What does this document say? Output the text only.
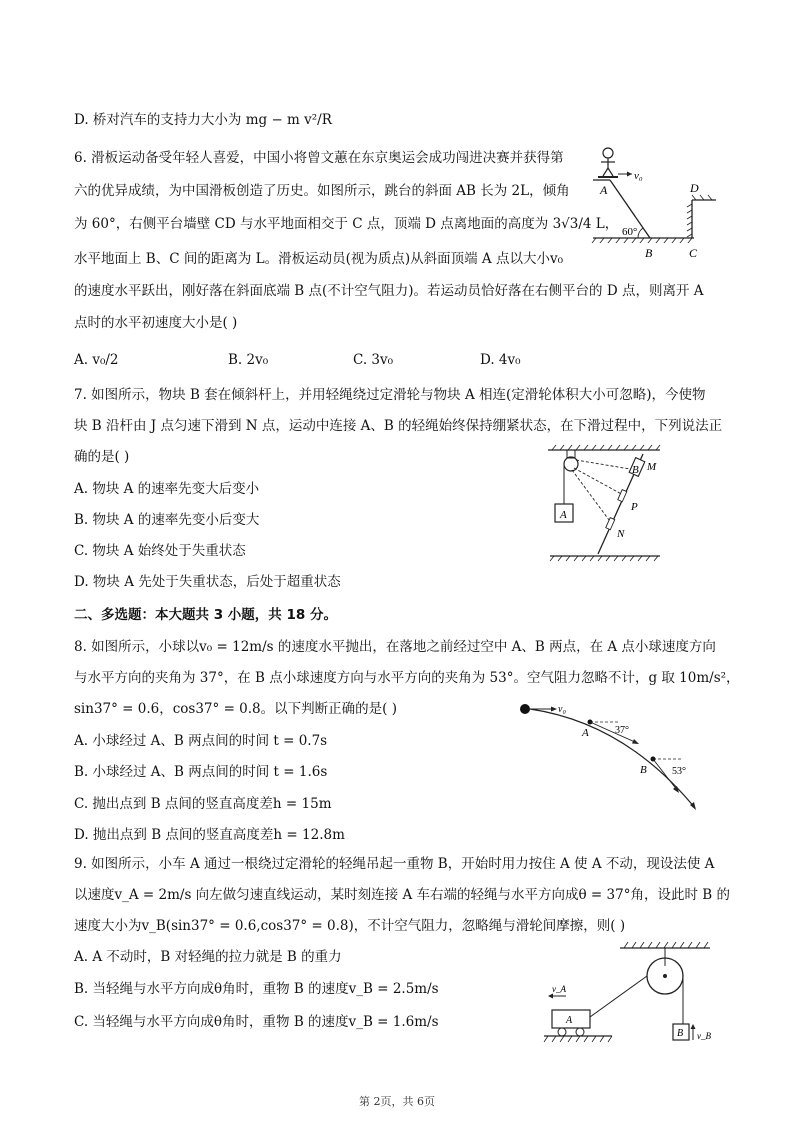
D. 桥对汽车的支持力大小为 mg − m v²/R
6. 滑板运动备受年轻人喜爱，中国小将曾文蕙在东京奥运会成功闯进决赛并获得第
六的优异成绩，为中国滑板创造了历史。如图所示，跳台的斜面 AB 长为 2L，倾角
为 60°，右侧平台墙壁 CD 与水平地面相交于 C 点，顶端 D 点离地面的高度为 3√3/4 L，
水平地面上 B、C 间的距离为 L。滑板运动员(视为质点)从斜面顶端 A 点以大小v₀
的速度水平跃出，刚好落在斜面底端 B 点(不计空气阻力)。若运动员恰好落在右侧平台的 D 点，则离开 A
点时的水平初速度大小是( )
A. v₀/2	B. 2v₀	C. 3v₀	D. 4v₀
v₀
A
60°
B
D
C
7. 如图所示，物块 B 套在倾斜杆上，并用轻绳绕过定滑轮与物块 A 相连(定滑轮体积大小可忽略)，今使物
块 B 沿杆由 J 点匀速下滑到 N 点，运动中连接 A、B 的轻绳始终保持绷紧状态，在下滑过程中，下列说法正
确的是( )
A. 物块 A 的速率先变大后变小
B. 物块 A 的速率先变小后变大
C. 物块 A 始终处于失重状态
D. 物块 A 先处于失重状态，后处于超重状态
A
B M
P
N
二、多选题：本大题共 3 小题，共 18 分。
8. 如图所示，小球以v₀ = 12m/s 的速度水平抛出，在落地之前经过空中 A、B 两点，在 A 点小球速度方向
与水平方向的夹角为 37°，在 B 点小球速度方向与水平方向的夹角为 53°。空气阻力忽略不计，g 取 10m/s²，
sin37° = 0.6，cos37° = 0.8。以下判断正确的是( )
A. 小球经过 A、B 两点间的时间 t = 0.7s
B. 小球经过 A、B 两点间的时间 t = 1.6s
C. 抛出点到 B 点间的竖直高度差h = 15m
D. 抛出点到 B 点间的竖直高度差h = 12.8m
v₀
37°
A
53°
B
9. 如图所示，小车 A 通过一根绕过定滑轮的轻绳吊起一重物 B，开始时用力按住 A 使 A 不动，现设法使 A
以速度v_A = 2m/s 向左做匀速直线运动，某时刻连接 A 车右端的轻绳与水平方向成θ = 37°角，设此时 B 的
速度大小为v_B(sin37° = 0.6,cos37° = 0.8)，不计空气阻力，忽略绳与滑轮间摩擦，则( )
A. A 不动时，B 对轻绳的拉力就是 B 的重力
B. 当轻绳与水平方向成θ角时，重物 B 的速度v_B = 2.5m/s
C. 当轻绳与水平方向成θ角时，重物 B 的速度v_B = 1.6m/s
B v_B
A
v_A
第 2页，共 6页
